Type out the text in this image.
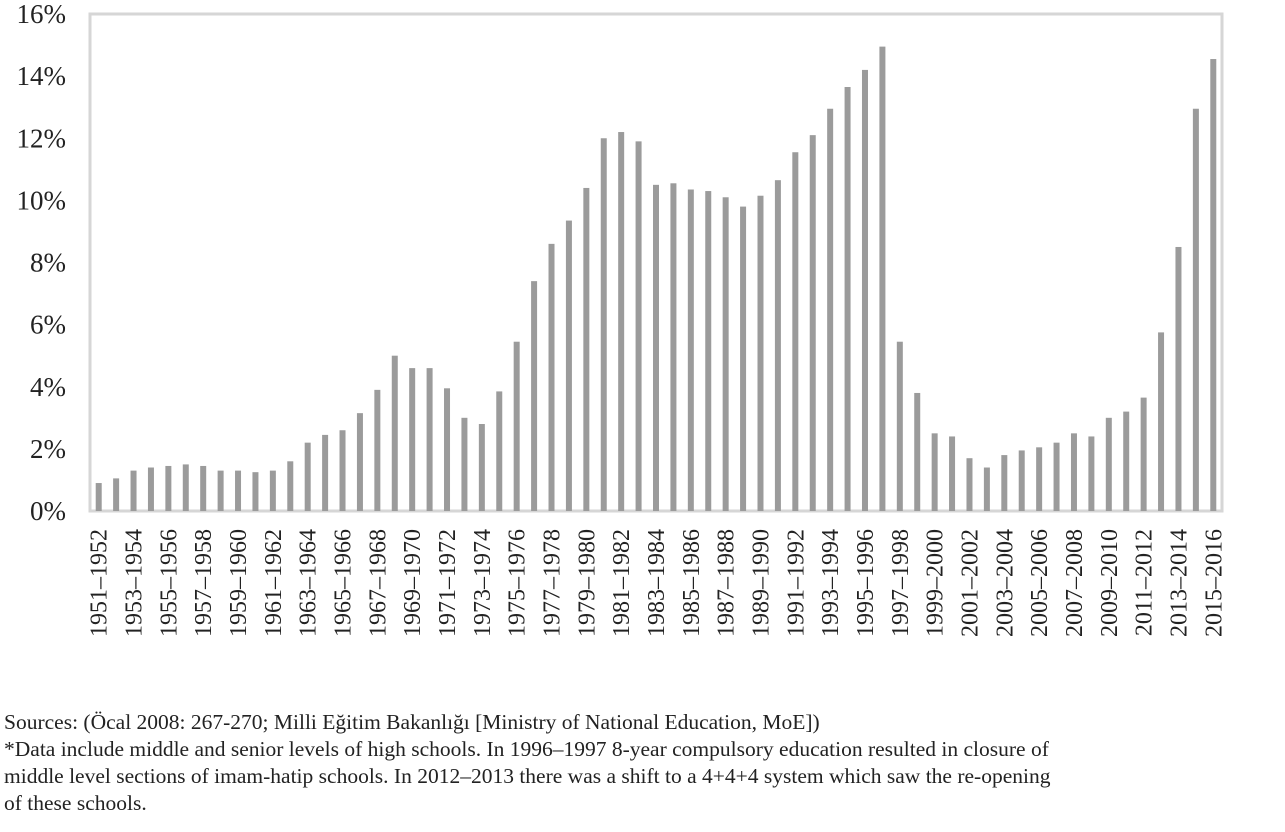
0%
2%
4%
6%
8%
10%
12%
14%
16%
1951–1952 1953–1954 1955–1956 1957–1958 1959–1960 1961–1962 1963–1964 1965–1966 1967–1968 1969–1970 1971–1972 1973–1974 1975–1976 1977–1978 1979–1980 1981–1982 1983–1984 1985–1986 1987–1988 1989–1990 1991–1992 1993–1994 1995–1996 1997–1998 1999–2000 2001–2002 2003–2004 2005–2006 2007–2008 2009–2010 2011–2012 2013–2014 2015–2016
Sources: (Öcal 2008: 267-270; Milli Eğitim Bakanlığı [Ministry of National Education, MoE])
*Data include middle and senior levels of high schools. In 1996–1997 8-year compulsory education resulted in closure of
middle level sections of imam-hatip schools. In 2012–2013 there was a shift to a 4+4+4 system which saw the re-opening
of these schools.
